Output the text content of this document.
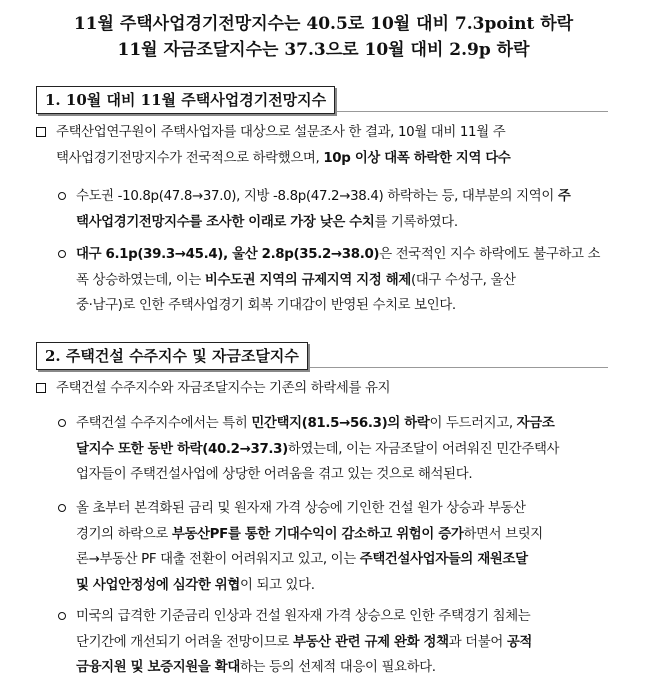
11월 주택사업경기전망지수는 40.5로 10월 대비 7.3point 하락
11월 자금조달지수는 37.3으로 10월 대비 2.9p 하락
1. 10월 대비 11월 주택사업경기전망지수
주택산업연구원이 주택사업자를 대상으로 설문조사 한 결과, 10월 대비 11월 주
택사업경기전망지수가 전국적으로 하락했으며, 10p 이상 대폭 하락한 지역 다수
수도권 -10.8p(47.8→37.0), 지방 -8.8p(47.2→38.4) 하락하는 등, 대부분의 지역이 주
택사업경기전망지수를 조사한 이래로 가장 낮은 수치를 기록하였다.
대구 6.1p(39.3→45.4), 울산 2.8p(35.2→38.0)은 전국적인 지수 하락에도 불구하고 소
폭 상승하였는데, 이는 비수도권 지역의 규제지역 지정 해제(대구 수성구, 울산
중·남구)로 인한 주택사업경기 회복 기대감이 반영된 수치로 보인다.
2. 주택건설 수주지수 및 자금조달지수
주택건설 수주지수와 자금조달지수는 기존의 하락세를 유지
주택건설 수주지수에서는 특히 민간택지(81.5→56.3)의 하락이 두드러지고, 자금조
달지수 또한 동반 하락(40.2→37.3)하였는데, 이는 자금조달이 어려워진 민간주택사
업자들이 주택건설사업에 상당한 어려움을 겪고 있는 것으로 해석된다.
올 초부터 본격화된 금리 및 원자재 가격 상승에 기인한 건설 원가 상승과 부동산
경기의 하락으로 부동산PF를 통한 기대수익이 감소하고 위험이 증가하면서 브릿지
론→부동산 PF 대출 전환이 어려워지고 있고, 이는 주택건설사업자들의 재원조달
및 사업안정성에 심각한 위협이 되고 있다.
미국의 급격한 기준금리 인상과 건설 원자재 가격 상승으로 인한 주택경기 침체는
단기간에 개선되기 어려울 전망이므로 부동산 관련 규제 완화 정책과 더불어 공적
금융지원 및 보증지원을 확대하는 등의 선제적 대응이 필요하다.
